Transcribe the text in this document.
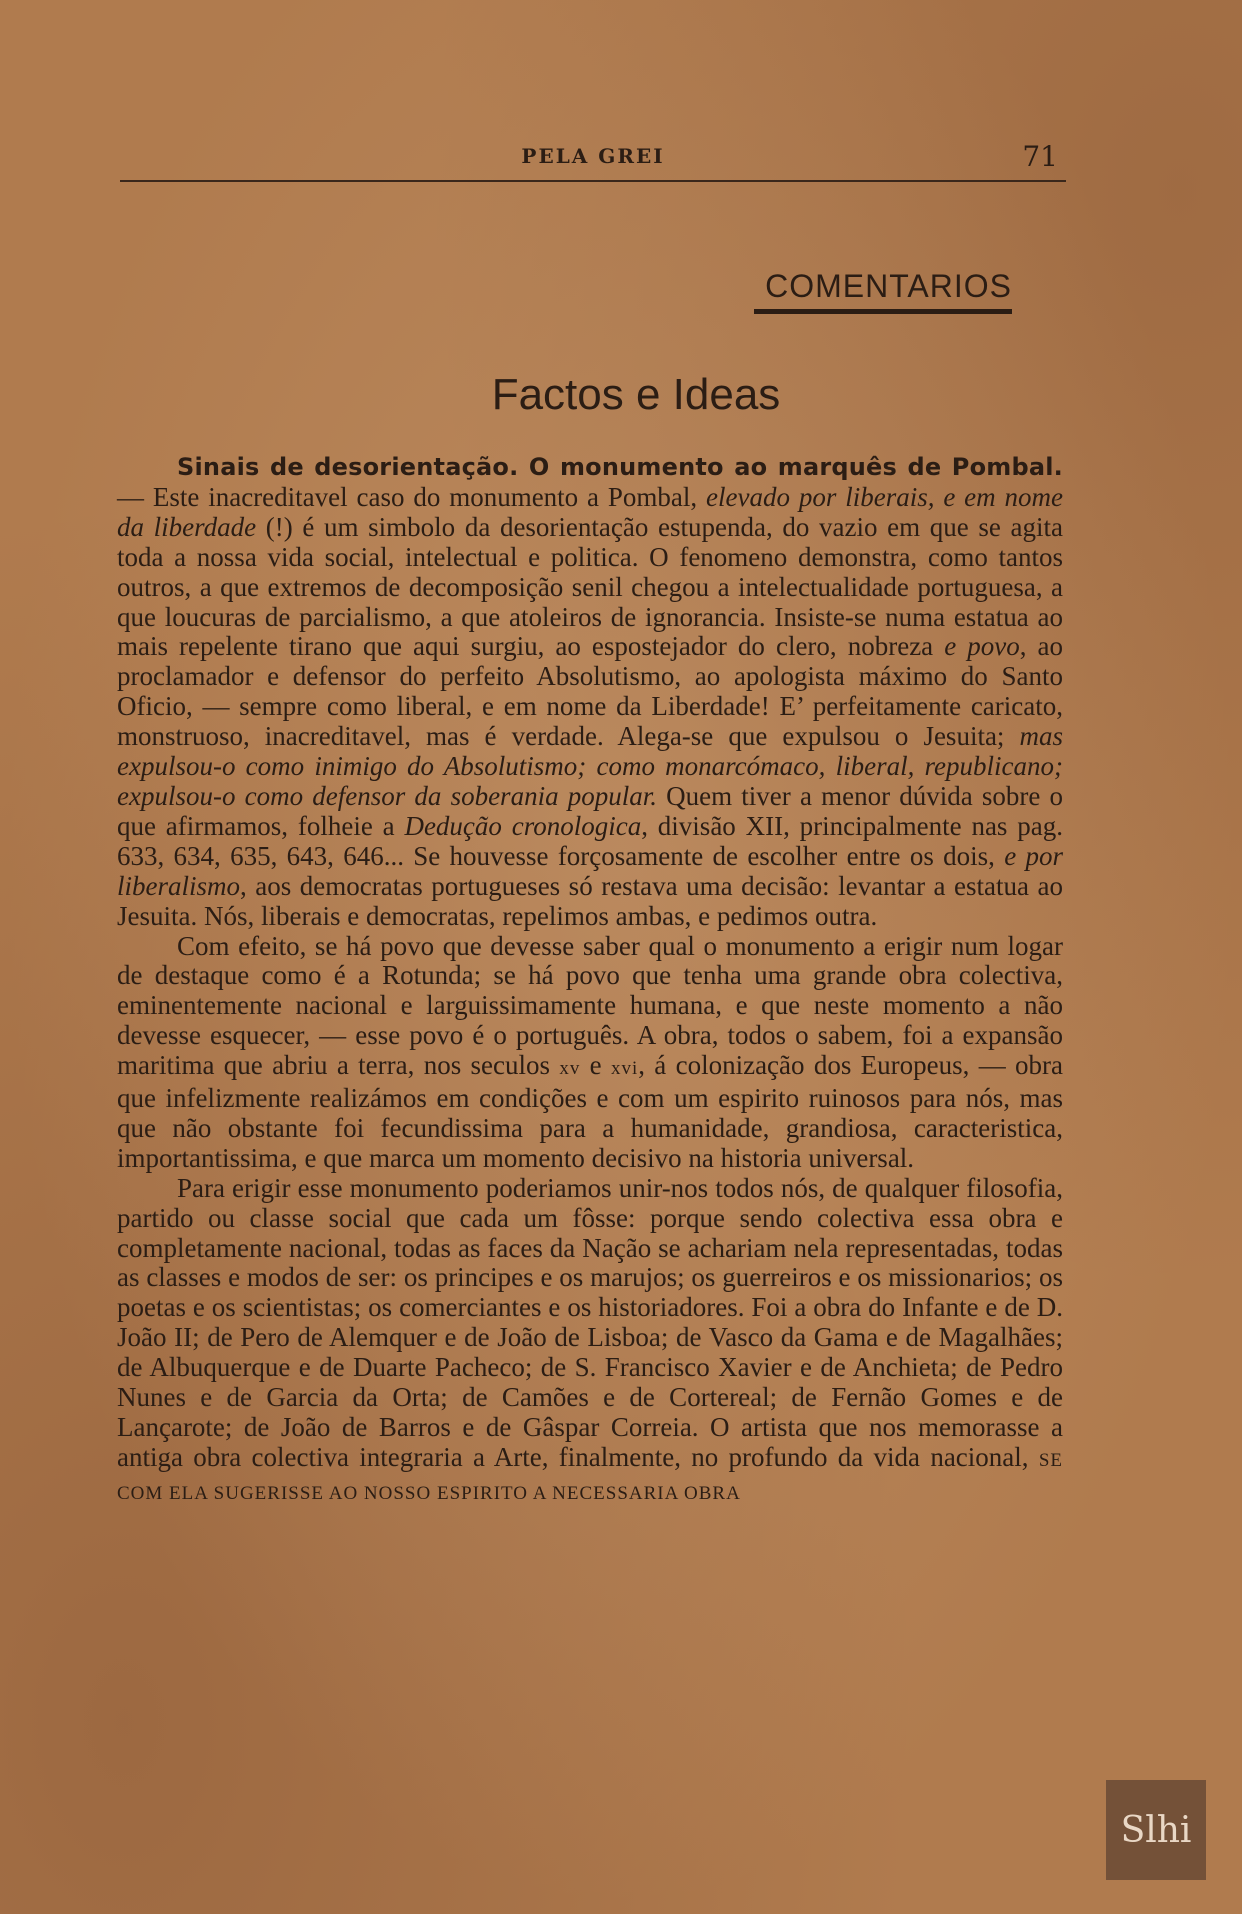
PELA GREI	71
COMENTARIOS
Factos e Ideas

Sinais de desorientação. O monumento ao marquês de Pombal. — Este inacreditavel caso do monumento a Pombal, elevado por liberais, e em nome da liberdade (!) é um simbolo da desorientação estupenda, do vazio em que se agita toda a nossa vida social, intelectual e politica. O fenomeno demonstra, como tantos outros, a que extremos de decomposição senil chegou a intelectualidade portuguesa, a que loucuras de parcialismo, a que atoleiros de ignorancia. Insiste-se numa estatua ao mais repelente tirano que aqui surgiu, ao espostejador do clero, nobreza e povo, ao proclamador e defensor do perfeito Absolutismo, ao apologista máximo do Santo Oficio, — sempre como liberal, e em nome da Liberdade! E’ perfeitamente caricato, monstruoso, inacreditavel, mas é verdade. Alega-se que expulsou o Jesuita; mas expulsou-o como inimigo do Absolutismo; como monarcómaco, liberal, republicano; expulsou-o como defensor da soberania popular. Quem tiver a menor dúvida sobre o que afirmamos, folheie a Dedução cronologica, divisão XII, principalmente nas pag. 633, 634, 635, 643, 646... Se houvesse forçosamente de escolher entre os dois, e por liberalismo, aos democratas portugueses só restava uma decisão: levantar a estatua ao Jesuita. Nós, liberais e democratas, repelimos ambas, e pedimos outra.

Com efeito, se há povo que devesse saber qual o monumento a erigir num logar de destaque como é a Rotunda; se há povo que tenha uma grande obra colectiva, eminentemente nacional e larguissimamente humana, e que neste momento a não devesse esquecer, — esse povo é o português. A obra, todos o sabem, foi a expansão maritima que abriu a terra, nos seculos xv e xvi, á colonização dos Europeus, — obra que infelizmente realizámos em condições e com um espirito ruinosos para nós, mas que não obstante foi fecundissima para a humanidade, grandiosa, caracteristica, importantissima, e que marca um momento decisivo na historia universal.

Para erigir esse monumento poderiamos unir-nos todos nós, de qualquer filosofia, partido ou classe social que cada um fôsse: porque sendo colectiva essa obra e completamente nacional, todas as faces da Nação se achariam nela representadas, todas as classes e modos de ser: os principes e os marujos; os guerreiros e os missionarios; os poetas e os scientistas; os comerciantes e os historiadores. Foi a obra do Infante e de D. João II; de Pero de Alemquer e de João de Lisboa; de Vasco da Gama e de Magalhães; de Albuquerque e de Duarte Pacheco; de S. Francisco Xavier e de Anchieta; de Pedro Nunes e de Garcia da Orta; de Camões e de Cortereal; de Fernão Gomes e de Lançarote; de João de Barros e de Gâspar Correia. O artista que nos memorasse a antiga obra colectiva integraria a Arte, finalmente, no profundo da vida nacional, SE COM ELA SUGERISSE AO NOSSO ESPIRITO A NECESSARIA OBRA

Slhi
